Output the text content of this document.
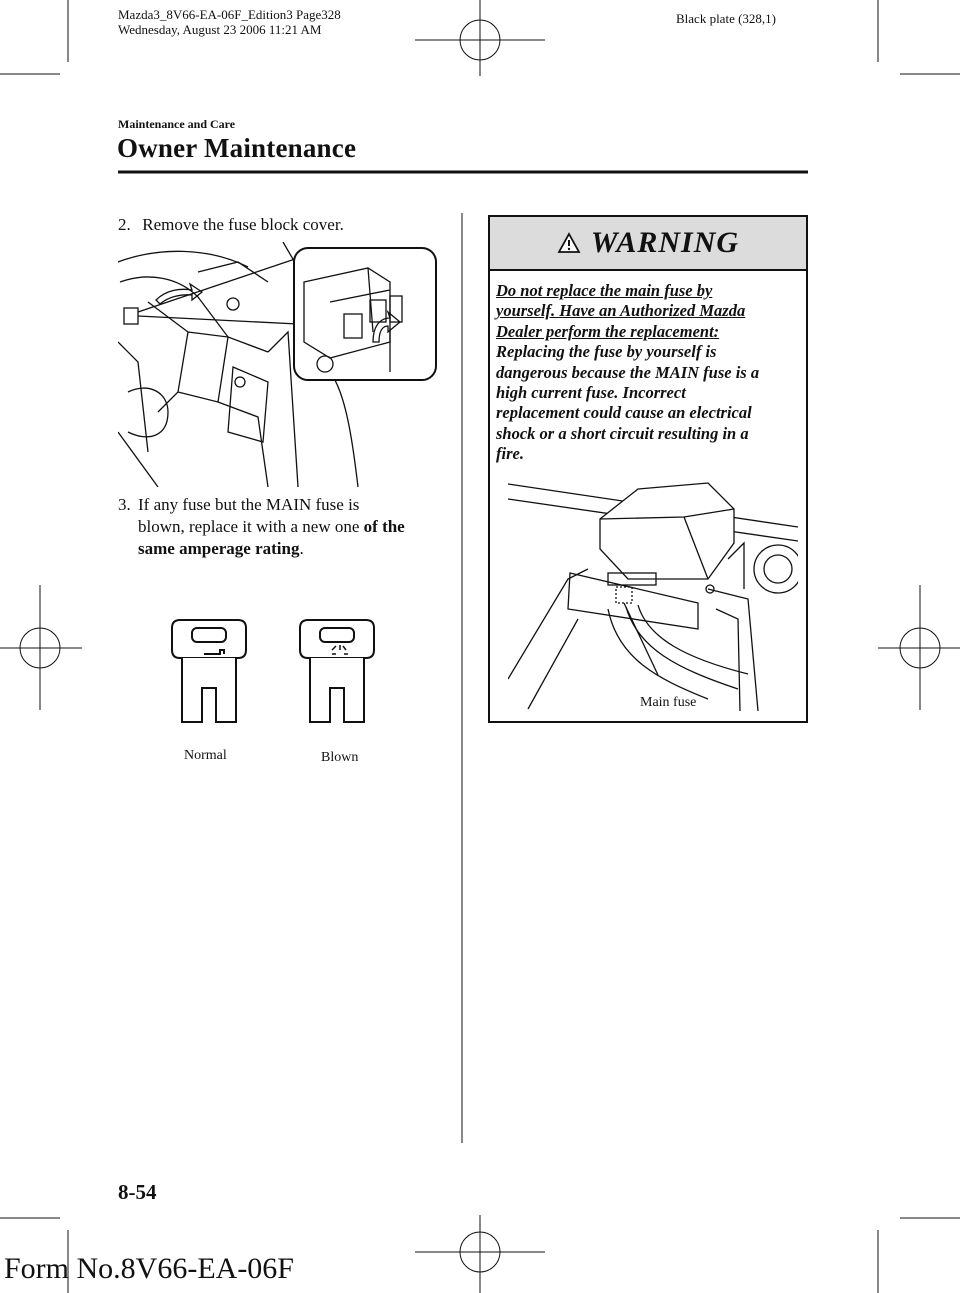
Mazda3_8V66-EA-06F_Edition3 Page328
Wednesday, August 23 2006 11:21 AM
Black plate (328,1)
Maintenance and Care
Owner Maintenance
2. Remove the fuse block cover.
3. If any fuse but the MAIN fuse is
blown, replace it with a new one of the
same amperage rating.
Normal	Blown
WARNING
Do not replace the main fuse by
yourself. Have an Authorized Mazda
Dealer perform the replacement:
Replacing the fuse by yourself is
dangerous because the MAIN fuse is a
high current fuse. Incorrect
replacement could cause an electrical
shock or a short circuit resulting in a
fire.
Main fuse
8-54
Form No.8V66-EA-06F
